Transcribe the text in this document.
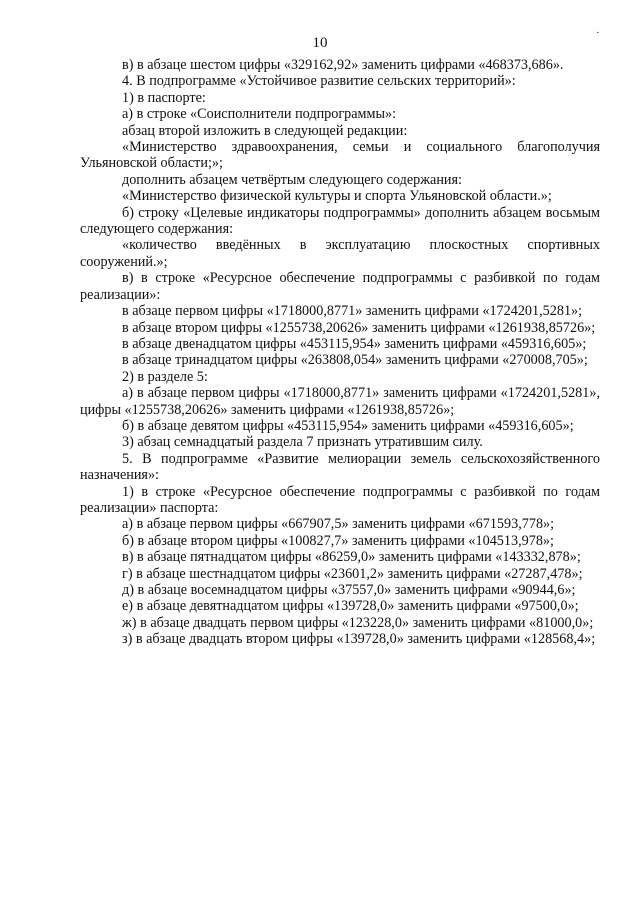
10
·

в) в абзаце шестом цифры «329162,92» заменить цифрами «468373,686».

4. В подпрограмме «Устойчивое развитие сельских территорий»:

1) в паспорте:

а) в строке «Соисполнители подпрограммы»:

абзац второй изложить в следующей редакции:

«Министерство здравоохранения, семьи и социального благополучия Ульяновской области;»;

дополнить абзацем четвёртым следующего содержания:

«Министерство физической культуры и спорта Ульяновской области.»;

б) строку «Целевые индикаторы подпрограммы» дополнить абзацем восьмым следующего содержания:

«количество введённых в эксплуатацию плоскостных спортивных сооружений.»;

в) в строке «Ресурсное обеспечение подпрограммы с разбивкой по годам реализации»:

в абзаце первом цифры «1718000,8771» заменить цифрами «1724201,5281»;

в абзаце втором цифры «1255738,20626» заменить цифрами «1261938,85726»;

в абзаце двенадцатом цифры «453115,954» заменить цифрами «459316,605»;

в абзаце тринадцатом цифры «263808,054» заменить цифрами «270008,705»;

2) в разделе 5:

а) в абзаце первом цифры «1718000,8771» заменить цифрами «1724201,5281», цифры «1255738,20626» заменить цифрами «1261938,85726»;

б) в абзаце девятом цифры «453115,954» заменить цифрами «459316,605»;

3) абзац семнадцатый раздела 7 признать утратившим силу.

5. В подпрограмме «Развитие мелиорации земель сельскохозяйственного назначения»:

1) в строке «Ресурсное обеспечение подпрограммы с разбивкой по годам реализации» паспорта:

а) в абзаце первом цифры «667907,5» заменить цифрами «671593,778»;

б) в абзаце втором цифры «100827,7» заменить цифрами «104513,978»;

в) в абзаце пятнадцатом цифры «86259,0» заменить цифрами «143332,878»;

г) в абзаце шестнадцатом цифры «23601,2» заменить цифрами «27287,478»;

д) в абзаце восемнадцатом цифры «37557,0» заменить цифрами «90944,6»;

е) в абзаце девятнадцатом цифры «139728,0» заменить цифрами «97500,0»;

ж) в абзаце двадцать первом цифры «123228,0» заменить цифрами «81000,0»;

з) в абзаце двадцать втором цифры «139728,0» заменить цифрами «128568,4»;
